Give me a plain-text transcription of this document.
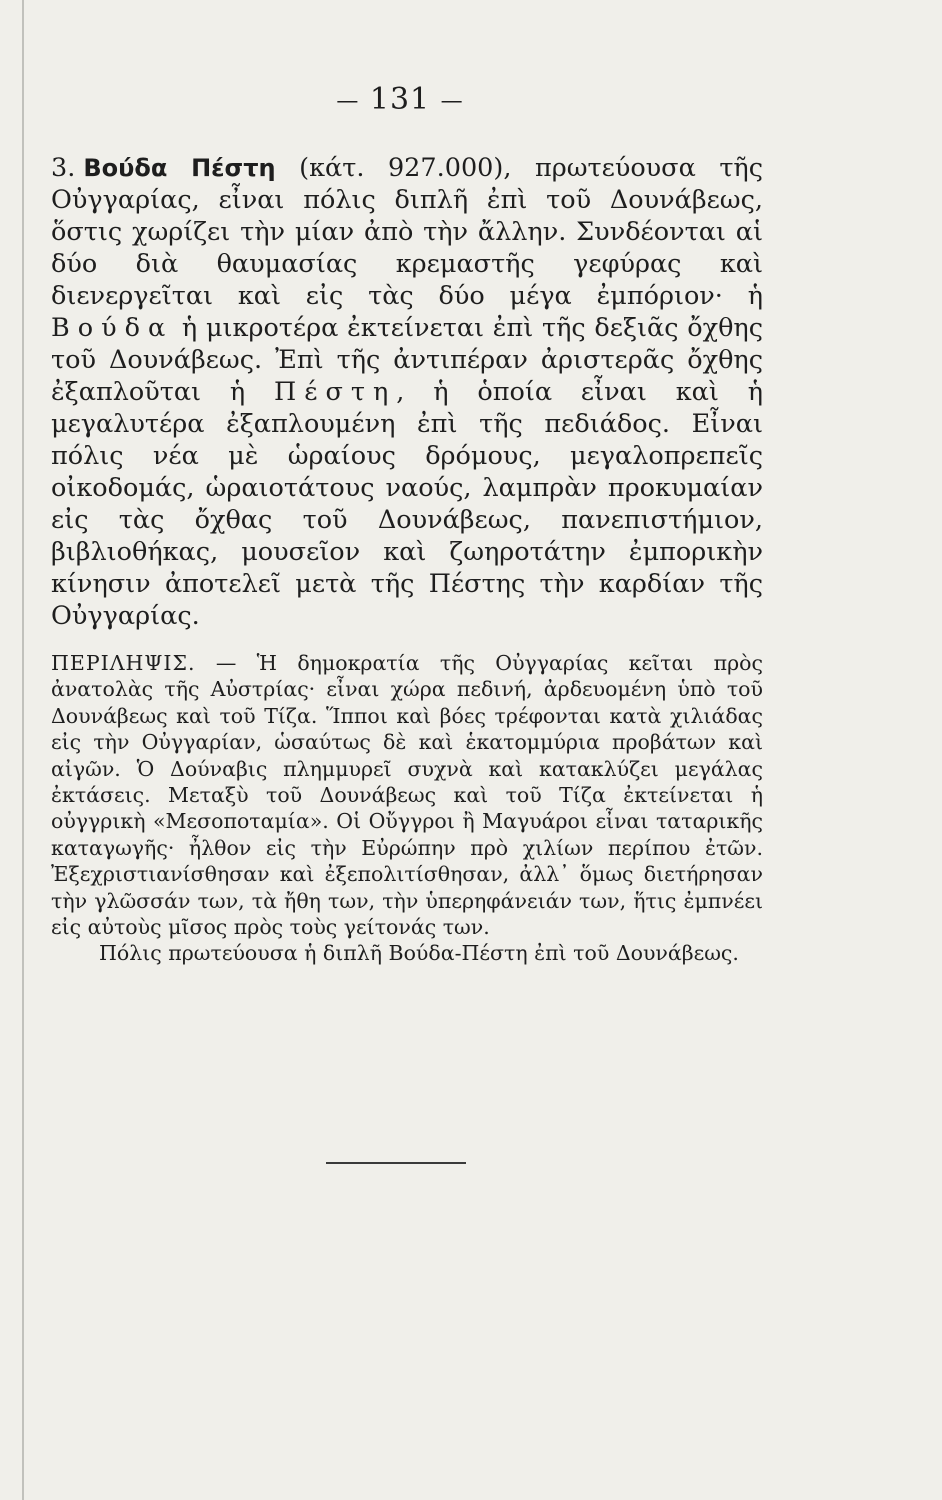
— 131 —

3. Βούδα Πέστη (κάτ. 927.000), πρωτεύουσα τῆς Οὐγγαρίας, εἶναι πόλις διπλῆ ἐπὶ τοῦ Δουνάβεως, ὅστις χωρίζει τὴν μίαν ἀπὸ τὴν ἄλλην. Συνδέονται αἱ δύο διὰ θαυμασίας κρεμαστῆς γεφύρας καὶ διενεργεῖται καὶ εἰς τὰς δύο μέγα ἐμπόριον· ἡ Βούδα ἡ μικροτέρα ἐκτείνεται ἐπὶ τῆς δεξιᾶς ὄχθης τοῦ Δουνάβεως. Ἐπὶ τῆς ἀντιπέραν ἀριστερᾶς ὄχθης ἐξαπλοῦται ἡ Πέστη, ἡ ὁποία εἶναι καὶ ἡ μεγαλυτέρα ἐξαπλουμένη ἐπὶ τῆς πεδιάδος. Εἶναι πόλις νέα μὲ ὡραίους δρόμους, μεγαλοπρεπεῖς οἰκοδομάς, ὡραιοτάτους ναούς, λαμπρὰν προκυμαίαν εἰς τὰς ὄχθας τοῦ Δουνάβεως, πανεπιστήμιον, βιβλιοθήκας, μουσεῖον καὶ ζωηροτάτην ἐμπορικὴν κίνησιν ἀποτελεῖ μετὰ τῆς Πέστης τὴν καρδίαν τῆς Οὐγγαρίας.

ΠΕΡΙΛΗΨΙΣ. — Ἡ δημοκρατία τῆς Οὐγγαρίας κεῖται πρὸς ἀνατολὰς τῆς Αὐστρίας· εἶναι χώρα πεδινή, ἀρδευομένη ὑπὸ τοῦ Δουνάβεως καὶ τοῦ Τίζα. Ἵπποι καὶ βόες τρέφονται κατὰ χιλιάδας εἰς τὴν Οὐγγαρίαν, ὡσαύτως δὲ καὶ ἑκατομμύρια προβάτων καὶ αἰγῶν. Ὁ Δούναβις πλημμυρεῖ συχνὰ καὶ κατακλύζει μεγάλας ἐκτάσεις. Μεταξὺ τοῦ Δουνάβεως καὶ τοῦ Τίζα ἐκτείνεται ἡ οὐγγρικὴ «Μεσοποταμία». Οἱ Οὔγγροι ἢ Μαγυάροι εἶναι ταταρικῆς καταγωγῆς· ἦλθον εἰς τὴν Εὐρώπην πρὸ χιλίων περίπου ἐτῶν. Ἐξεχριστιανίσθησαν καὶ ἐξεπολιτίσθησαν, ἀλλ᾽ ὅμως διετήρησαν τὴν γλῶσσάν των, τὰ ἤθη των, τὴν ὑπερηφάνειάν των, ἥτις ἐμπνέει εἰς αὐτοὺς μῖσος πρὸς τοὺς γείτονάς των.
Πόλις πρωτεύουσα ἡ διπλῆ Βούδα-Πέστη ἐπὶ τοῦ Δουνάβεως.
